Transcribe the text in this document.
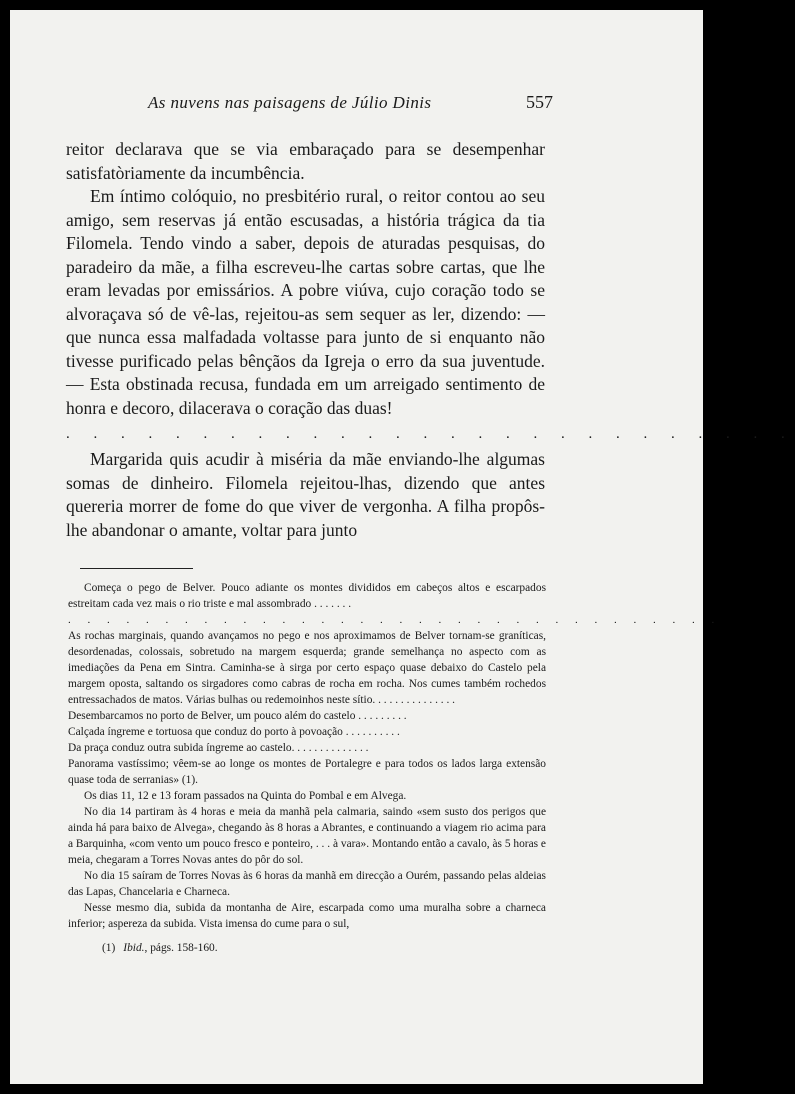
As nuvens nas paisagens de Júlio Dinis	557

reitor declarava que se via embaraçado para se desempenhar satisfatòriamente da incumbência.

Em íntimo colóquio, no presbitério rural, o reitor contou ao seu amigo, sem reservas já então escusadas, a história trágica da tia Filomela. Tendo vindo a saber, depois de aturadas pesquisas, do paradeiro da mãe, a filha escreveu-lhe cartas sobre cartas, que lhe eram levadas por emissários. A pobre viúva, cujo coração todo se alvoraçava só de vê-las, rejeitou-as sem sequer as ler, dizendo: — que nunca essa malfadada voltasse para junto de si enquanto não tivesse purificado pelas bênçãos da Igreja o erro da sua juventude. — Esta obstinada recusa, fundada em um arreigado sentimento de honra e decoro, dilacerava o coração das duas!

. . . . . . . . . . . . . . . . . . . . . . . . . . .

Margarida quis acudir à miséria da mãe enviando-lhe algumas somas de dinheiro. Filomela rejeitou-lhas, dizendo que antes quereria morrer de fome do que viver de vergonha. A filha propôs-lhe abandonar o amante, voltar para junto

Começa o pego de Belver. Pouco adiante os montes divididos em cabeços altos e escarpados estreitam cada vez mais o rio triste e mal assombrado . . . . . . .

. . . . . . . . . . . . . . . . . . . . . . . . . . . . . . . . . .

As rochas marginais, quando avançamos no pego e nos aproximamos de Belver tornam-se graníticas, desordenadas, colossais, sobretudo na margem esquerda; grande semelhança no aspecto com as imediações da Pena em Sintra. Caminha-se à sirga por certo espaço quase debaixo do Castelo pela margem oposta, saltando os sirgadores como cabras de rocha em rocha. Nos cumes também rochedos entressachados de matos. Várias bulhas ou redemoinhos neste sítio. . . . . . . . . . . . . . .

Desembarcamos no porto de Belver, um pouco além do castelo . . . . . . . . .

Calçada íngreme e tortuosa que conduz do porto à povoação . . . . . . . . . .

Da praça conduz outra subida íngreme ao castelo. . . . . . . . . . . . . .

Panorama vastíssimo; vêem-se ao longe os montes de Portalegre e para todos os lados larga extensão quase toda de serranias» (1).

Os dias 11, 12 e 13 foram passados na Quinta do Pombal e em Alvega.

No dia 14 partiram às 4 horas e meia da manhã pela calmaria, saindo «sem susto dos perigos que ainda há para baixo de Alvega», chegando às 8 horas a Abrantes, e continuando a viagem rio acima para a Barquinha, «com vento um pouco fresco e ponteiro, . . . à vara». Montando então a cavalo, às 5 horas e meia, chegaram a Torres Novas antes do pôr do sol.

No dia 15 saíram de Torres Novas às 6 horas da manhã em direcção a Ourém, passando pelas aldeias das Lapas, Chancelaria e Charneca.

Nesse mesmo dia, subida da montanha de Aire, escarpada como uma muralha sobre a charneca inferior; aspereza da subida. Vista imensa do cume para o sul,

(1) Ibid., págs. 158-160.
